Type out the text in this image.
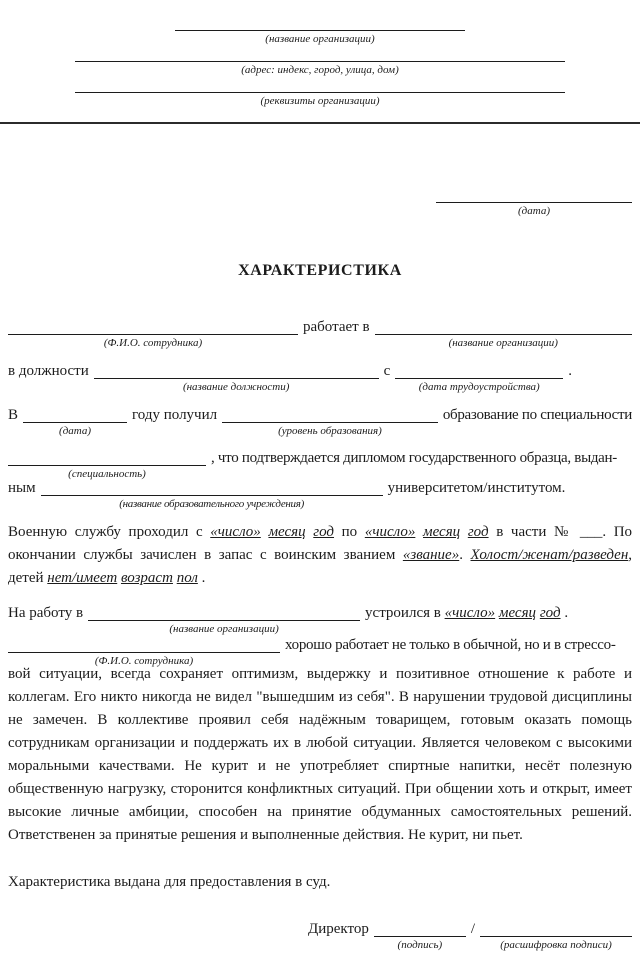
(название организации)
(адрес: индекс, город, улица, дом)
(реквизиты организации)
(дата)
ХАРАКТЕРИСТИКА
(Ф.И.О. сотрудника)
работает в
(название организации)
в должности
(название должности)
с
(дата трудоустройства)
.
В
(дата)
году получил
(уровень образования)
образование по специальности
(специальность)
, что подтверждается дипломом государственного образца, выдан-
ным
(название образовательного учреждения)
университетом/институтом.

Военную службу проходил с «число» месяц год по «число» месяц год в части № ___. По окончании службы зачислен в запас с воинским званием «звание». Холост/женат/разведен, детей нет/имеет возраст пол .

На работу в
(название организации)
устроился в «число» месяц год .
(Ф.И.О. сотрудника)
хорошо работает не только в обычной, но и в стрессо-

вой ситуации, всегда сохраняет оптимизм, выдержку и позитивное отношение к работе и коллегам. Его никто никогда не видел "вышедшим из себя". В нарушении трудовой дисциплины не замечен. В коллективе проявил себя надёжным товарищем, готовым оказать помощь сотрудникам организации и поддержать их в любой ситуации. Является человеком с высокими моральными качествами. Не курит и не употребляет спиртные напитки, несёт полезную общественную нагрузку, сторонится конфликтных ситуаций. При общении хоть и открыт, имеет высокие личные амбиции, способен на принятие обдуманных самостоятельных решений. Ответственен за принятые решения и выполненные действия. Не курит, ни пьет.

Характеристика выдана для предоставления в суд.

Директор
(подпись)
/
(расшифровка подписи)
